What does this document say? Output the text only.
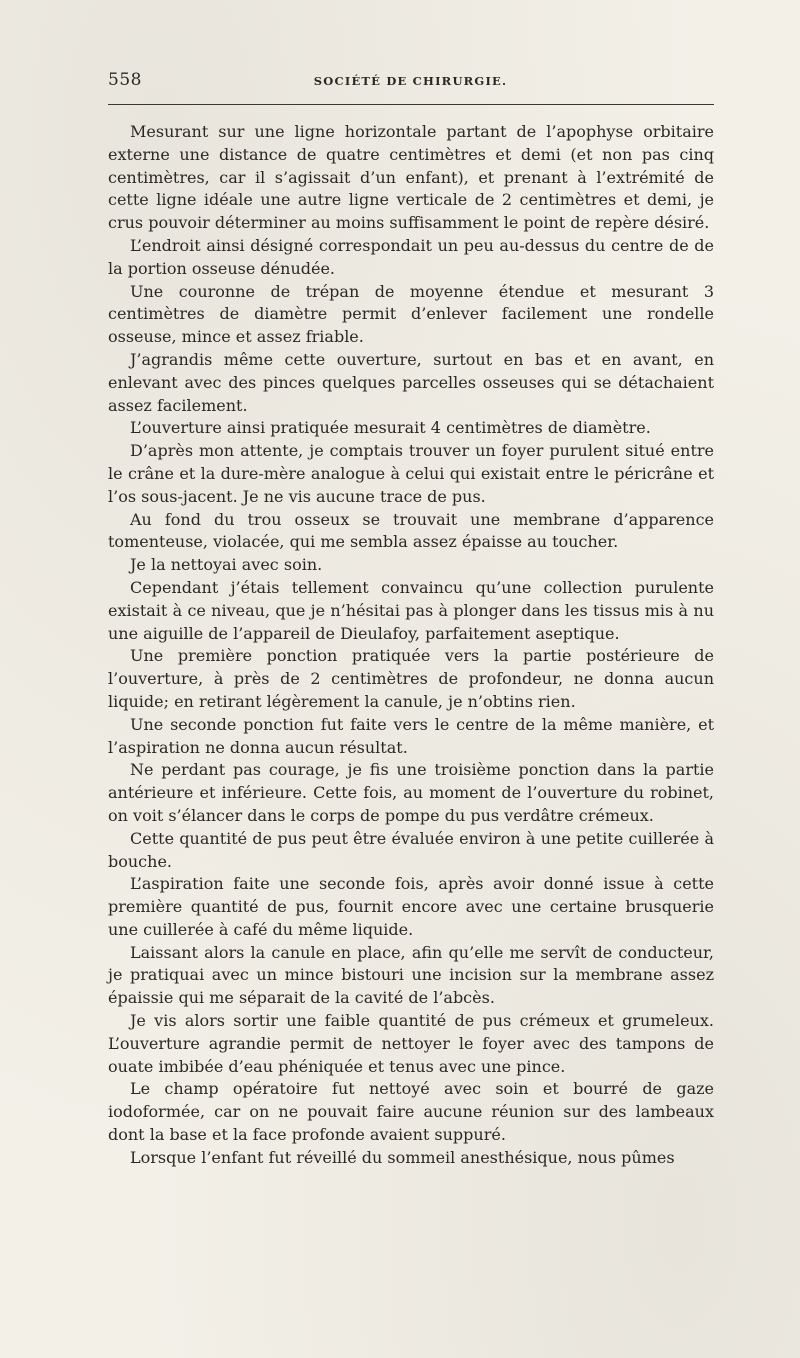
558	SOCIÉTÉ DE CHIRURGIE.

Mesurant sur une ligne horizontale partant de l’apophyse orbitaire externe une distance de quatre centimètres et demi (et non pas cinq centimètres, car il s’agissait d’un enfant), et prenant à l’extrémité de cette ligne idéale une autre ligne verticale de 2 centimètres et demi, je crus pouvoir déterminer au moins suffisamment le point de repère désiré.

L’endroit ainsi désigné correspondait un peu au-dessus du centre de de la portion osseuse dénudée.

Une couronne de trépan de moyenne étendue et mesurant 3 centimètres de diamètre permit d’enlever facilement une rondelle osseuse, mince et assez friable.

J’agrandis même cette ouverture, surtout en bas et en avant, en enlevant avec des pinces quelques parcelles osseuses qui se détachaient assez facilement.

L’ouverture ainsi pratiquée mesurait 4 centimètres de diamètre.

D’après mon attente, je comptais trouver un foyer purulent situé entre le crâne et la dure-mère analogue à celui qui existait entre le péricrâne et l’os sous-jacent. Je ne vis aucune trace de pus.

Au fond du trou osseux se trouvait une membrane d’apparence tomenteuse, violacée, qui me sembla assez épaisse au toucher.

Je la nettoyai avec soin.

Cependant j’étais tellement convaincu qu’une collection purulente existait à ce niveau, que je n’hésitai pas à plonger dans les tissus mis à nu une aiguille de l’appareil de Dieulafoy, parfaitement aseptique.

Une première ponction pratiquée vers la partie postérieure de l’ouverture, à près de 2 centimètres de profondeur, ne donna aucun liquide; en retirant légèrement la canule, je n’obtins rien.

Une seconde ponction fut faite vers le centre de la même manière, et l’aspiration ne donna aucun résultat.

Ne perdant pas courage, je fis une troisième ponction dans la partie antérieure et inférieure. Cette fois, au moment de l’ouverture du robinet, on voit s’élancer dans le corps de pompe du pus verdâtre crémeux.

Cette quantité de pus peut être évaluée environ à une petite cuillerée à bouche.

L’aspiration faite une seconde fois, après avoir donné issue à cette première quantité de pus, fournit encore avec une certaine brusquerie une cuillerée à café du même liquide.

Laissant alors la canule en place, afin qu’elle me servît de conducteur, je pratiquai avec un mince bistouri une incision sur la membrane assez épaissie qui me séparait de la cavité de l’abcès.

Je vis alors sortir une faible quantité de pus crémeux et grumeleux. L’ouverture agrandie permit de nettoyer le foyer avec des tampons de ouate imbibée d’eau phéniquée et tenus avec une pince.

Le champ opératoire fut nettoyé avec soin et bourré de gaze iodoformée, car on ne pouvait faire aucune réunion sur des lambeaux dont la base et la face profonde avaient suppuré.

Lorsque l’enfant fut réveillé du sommeil anesthésique, nous pûmes
